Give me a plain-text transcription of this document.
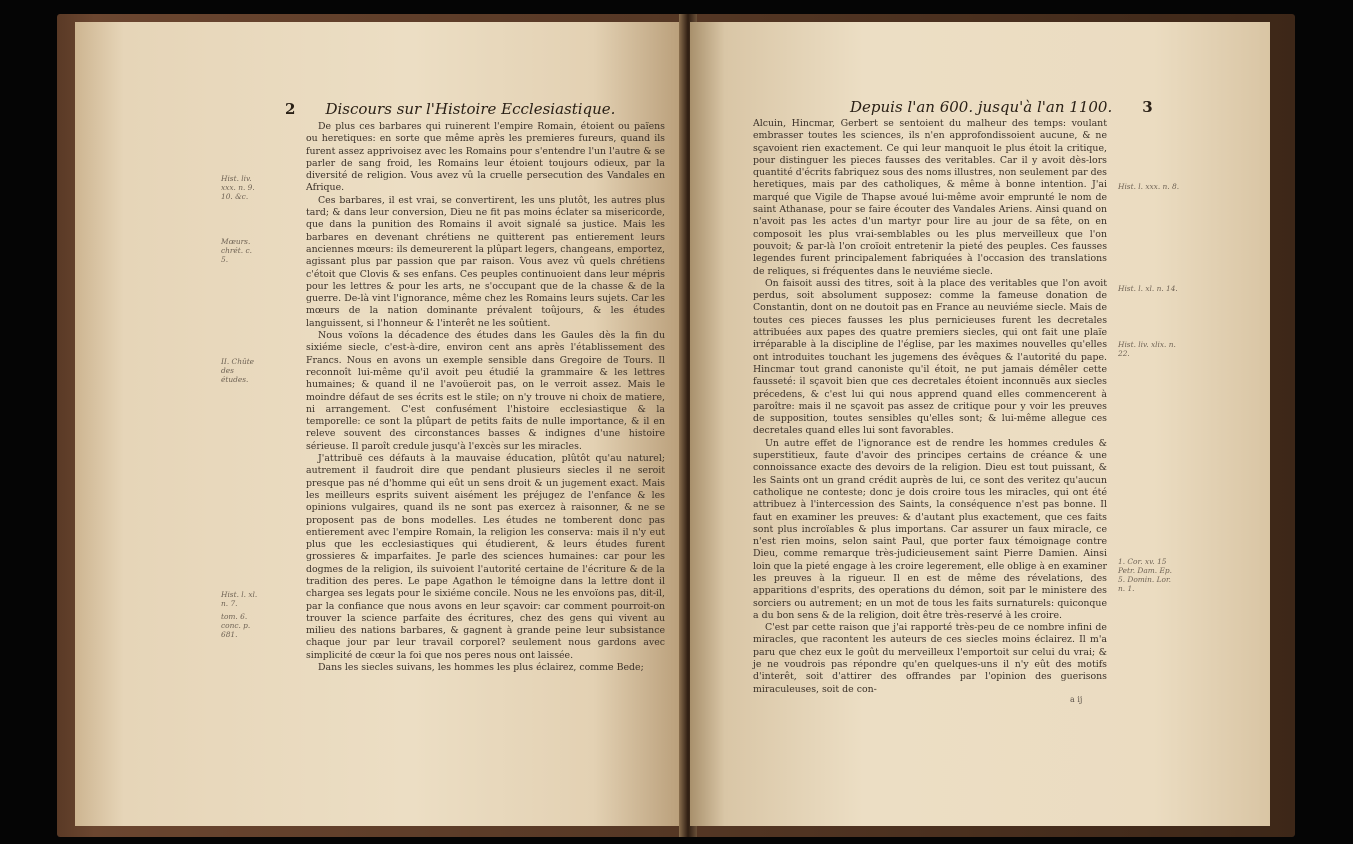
2 Discours sur l'Histoire Ecclesiastique.

De plus ces barbares qui ruinerent l'empire Romain, étoient ou païens ou heretiques: en sorte que même après les premieres fureurs, quand ils furent assez apprivoisez avec les Romains pour s'entendre l'un l'autre & se parler de sang froid, les Romains leur étoient toujours odieux, par la diversité de religion. Vous avez vû la cruelle persecution des Vandales en Afrique.

Ces barbares, il est vrai, se convertirent, les uns plutôt, les autres plus tard; & dans leur conversion, Dieu ne fit pas moins éclater sa misericorde, que dans la punition des Romains il avoit signalé sa justice. Mais les barbares en devenant chrétiens ne quitterent pas entierement leurs anciennes mœurs: ils demeurerent la plûpart legers, changeans, emportez, agissant plus par passion que par raison. Vous avez vû quels chrétiens c'étoit que Clovis & ses enfans. Ces peuples continuoient dans leur mépris pour les lettres & pour les arts, ne s'occupant que de la chasse & de la guerre. De-là vint l'ignorance, même chez les Romains leurs sujets. Car les mœurs de la nation dominante prévalent toûjours, & les études languissent, si l'honneur & l'interêt ne les soûtient.

Nous voïons la décadence des études dans les Gaules dès la fin du sixiéme siecle, c'est-à-dire, environ cent ans après l'établissement des Francs. Nous en avons un exemple sensible dans Gregoire de Tours. Il reconnoît lui-même qu'il avoit peu étudié la grammaire & les lettres humaines; & quand il ne l'avoüeroit pas, on le verroit assez. Mais le moindre défaut de ses écrits est le stile; on n'y trouve ni choix de matiere, ni arrangement. C'est confusément l'histoire ecclesiastique & la temporelle: ce sont la plûpart de petits faits de nulle importance, & il en releve souvent des circonstances basses & indignes d'une histoire sérieuse. Il paroît credule jusqu'à l'excès sur les miracles.

J'attribuë ces défauts à la mauvaise éducation, plûtôt qu'au naturel; autrement il faudroit dire que pendant plusieurs siecles il ne seroit presque pas né d'homme qui eût un sens droit & un jugement exact. Mais les meilleurs esprits suivent aisément les préjugez de l'enfance & les opinions vulgaires, quand ils ne sont pas exercez à raisonner, & ne se proposent pas de bons modelles. Les études ne tomberent donc pas entierement avec l'empire Romain, la religion les conserva: mais il n'y eut plus que les ecclesiastiques qui étudierent, & leurs études furent grossieres & imparfaites. Je parle des sciences humaines: car pour les dogmes de la religion, ils suivoient l'autorité certaine de l'écriture & de la tradition des peres. Le pape Agathon le témoigne dans la lettre dont il chargea ses legats pour le sixiéme concile. Nous ne les envoïons pas, dit-il, par la confiance que nous avons en leur sçavoir: car comment pourroit-on trouver la science parfaite des écritures, chez des gens qui vivent au milieu des nations barbares, & gagnent à grande peine leur subsistance chaque jour par leur travail corporel? seulement nous gardons avec simplicité de cœur la foi que nos peres nous ont laissée.

Dans les siecles suivans, les hommes les plus éclairez, comme Bede;

Hist. liv. xxx. n. 9. 10. &c.
Mœurs. chrét. c. 5.
II. Chûte des études.
Hist. l. xl. n. 7.
tom. 6. conc. p. 681.
Depuis l'an 600. jusqu'à l'an 1100. 3

Alcuin, Hincmar, Gerbert se sentoient du malheur des temps: voulant embrasser toutes les sciences, ils n'en approfondissoient aucune, & ne sçavoient rien exactement. Ce qui leur manquoit le plus étoit la critique, pour distinguer les pieces fausses des veritables. Car il y avoit dès-lors quantité d'écrits fabriquez sous des noms illustres, non seulement par des heretiques, mais par des catholiques, & même à bonne intention. J'ai marqué que Vigile de Thapse avoué lui-même avoir emprunté le nom de saint Athanase, pour se faire écouter des Vandales Ariens. Ainsi quand on n'avoit pas les actes d'un martyr pour lire au jour de sa fête, on en composoit les plus vrai-semblables ou les plus merveilleux que l'on pouvoit; & par-là l'on croïoit entretenir la pieté des peuples. Ces fausses legendes furent principalement fabriquées à l'occasion des translations de reliques, si fréquentes dans le neuviéme siecle.

On faisoit aussi des titres, soit à la place des veritables que l'on avoit perdus, soit absolument supposez: comme la fameuse donation de Constantin, dont on ne doutoit pas en France au neuviéme siecle. Mais de toutes ces pieces fausses les plus pernicieuses furent les decretales attribuées aux papes des quatre premiers siecles, qui ont fait une plaïe irréparable à la discipline de l'église, par les maximes nouvelles qu'elles ont introduites touchant les jugemens des évêques & l'autorité du pape. Hincmar tout grand canoniste qu'il étoit, ne put jamais démêler cette fausseté: il sçavoit bien que ces decretales étoient inconnuës aux siecles précedens, & c'est lui qui nous apprend quand elles commencerent à paroître: mais il ne sçavoit pas assez de critique pour y voir les preuves de supposition, toutes sensibles qu'elles sont; & lui-même allegue ces decretales quand elles lui sont favorables.

Un autre effet de l'ignorance est de rendre les hommes credules & superstitieux, faute d'avoir des principes certains de créance & une connoissance exacte des devoirs de la religion. Dieu est tout puissant, & les Saints ont un grand crédit auprès de lui, ce sont des veritez qu'aucun catholique ne conteste; donc je dois croire tous les miracles, qui ont été attribuez à l'intercession des Saints, la conséquence n'est pas bonne. Il faut en examiner les preuves: & d'autant plus exactement, que ces faits sont plus incroïables & plus importans. Car assurer un faux miracle, ce n'est rien moins, selon saint Paul, que porter faux témoignage contre Dieu, comme remarque très-judicieusement saint Pierre Damien. Ainsi loin que la pieté engage à les croire legerement, elle oblige à en examiner les preuves à la rigueur. Il en est de même des révelations, des apparitions d'esprits, des operations du démon, soit par le ministere des sorciers ou autrement; en un mot de tous les faits surnaturels: quiconque a du bon sens & de la religion, doit être très-reservé à les croire.

C'est par cette raison que j'ai rapporté très-peu de ce nombre infini de miracles, que racontent les auteurs de ces siecles moins éclairez. Il m'a paru que chez eux le goût du merveilleux l'emportoit sur celui du vrai; & je ne voudrois pas répondre qu'en quelques-uns il n'y eût des motifs d'interêt, soit d'attirer des offrandes par l'opinion des guerisons miraculeuses, soit de con-

a ij
Hist. l. xxx. n. 8.
Hist. l. xl. n. 14.
Hist. liv. xlix. n. 22.
1. Cor. xv. 15 Petr. Dam. Ep. 5. Domin. Lor. n. 1.
